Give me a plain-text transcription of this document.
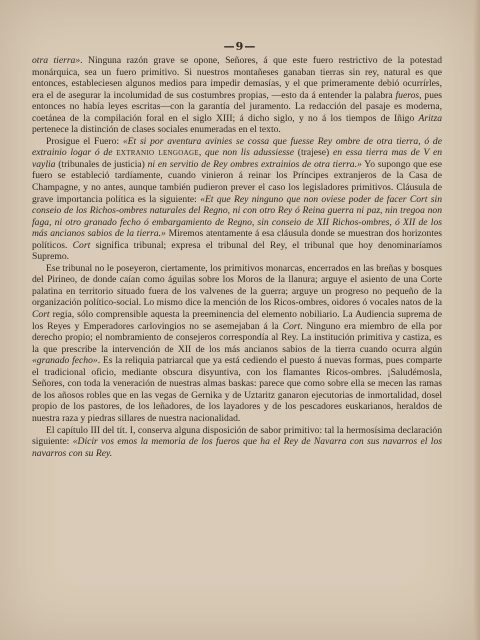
—9—

otra tierra». Ninguna razón grave se opone, Señores, á que este fuero restrictivo de la potestad monárquica, sea un fuero primitivo. Si nuestros montañeses ganaban tierras sin rey, natural es que entonces, estableciesen algunos medios para impedir demasías, y el que primeramente debió ocurrírles, era el de asegurar la incolumidad de sus costumbres propias, —esto da á entender la palabra fueros, pues entonces no había leyes escritas—con la garantía del juramento. La redacción del pasaje es moderna, coetánea de la compilación foral en el siglo XIII; á dicho siglo, y no á los tiempos de Iñigo Aritza pertenece la distinción de clases sociales enumeradas en el texto.

Prosigue el Fuero: «Et si por aventura avinies se cossa que fuesse Rey ombre de otra tierra, ó de extrainio logar ó de extranio lengoage, que non lis adussiesse (trajese) en essa tierra mas de V en vaylia (tribunales de justicia) ni en servitio de Rey ombres extrainios de otra tierra.» Yo supongo que ese fuero se estableció tardíamente, cuando vinieron á reinar los Príncipes extranjeros de la Casa de Champagne, y no antes, aunque también pudieron prever el caso los legisladores primitivos. Cláusula de grave importancia política es la siguiente: «Et que Rey ninguno que non oviese poder de facer Cort sin conseio de los Richos-ombres naturales del Regno, ni con otro Rey ó Reina guerra ni paz, nin tregoa non faga, ni otro granado fecho ó embargamiento de Regno, sin conseio de XII Richos-ombres, ó XII de los más ancianos sabios de la tierra.» Miremos atentamente á esa cláusula donde se muestran dos horizontes políticos. Cort significa tribunal; expresa el tribunal del Rey, el tribunal que hoy denominaríamos Supremo.

Ese tribunal no le poseyeron, ciertamente, los primitivos monarcas, encerrados en las breñas y bosques del Pirineo, de donde caían como águilas sobre los Moros de la llanura; arguye el asiento de una Corte palatina en territorio situado fuera de los valvenes de la guerra; arguye un progreso no pequeño de la organización político-social. Lo mismo dice la mención de los Ricos-ombres, oidores ó vocales natos de la Cort regia, sólo comprensible aquesta la preeminencia del elemento nobiliario. La Audiencia suprema de los Reyes y Emperadores carlovingios no se asemejaban á la Cort. Ninguno era miembro de ella por derecho propio; el nombramiento de consejeros correspondía al Rey. La institución primitiva y castiza, es la que prescribe la intervención de XII de los más ancianos sabios de la tierra cuando ocurra algún «granado fecho». Es la reliquia patriarcal que ya está cediendo el puesto á nuevas formas, pues comparte el tradicional oficio, mediante obscura disyuntiva, con los flamantes Ricos-ombres. ¡Saludémosla, Señores, con toda la veneración de nuestras almas baskas: parece que como sobre ella se mecen las ramas de los añosos robles que en las vegas de Gernika y de Uztaritz ganaron ejecutorias de inmortalidad, dosel propio de los pastores, de los leñadores, de los layadores y de los pescadores euskarianos, heraldos de nuestra raza y piedras sillares de nuestra nacionalidad.

El capítulo III del tít. I, conserva alguna disposición de sabor primitivo: tal la hermosísima declaración siguiente: «Dicir vos emos la memoria de los fueros que ha el Rey de Navarra con sus navarros el los navarros con su Rey.
